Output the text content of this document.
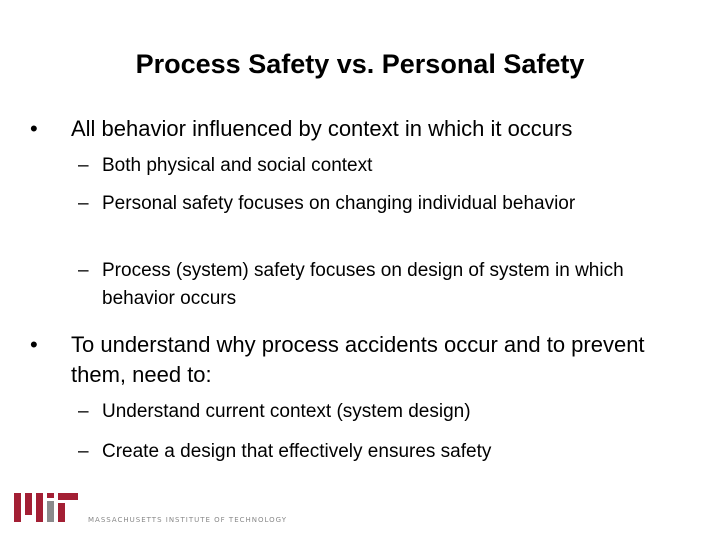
Process Safety vs. Personal Safety
• All behavior influenced by context in which it occurs
– Both physical and social context
– Personal safety focuses on changing individual behavior
– Process (system) safety focuses on design of system in which behavior occurs
• To understand why process accidents occur and to prevent them, need to:
– Understand current context (system design)
– Create a design that effectively ensures safety
MASSACHUSETTS INSTITUTE OF TECHNOLOGY
